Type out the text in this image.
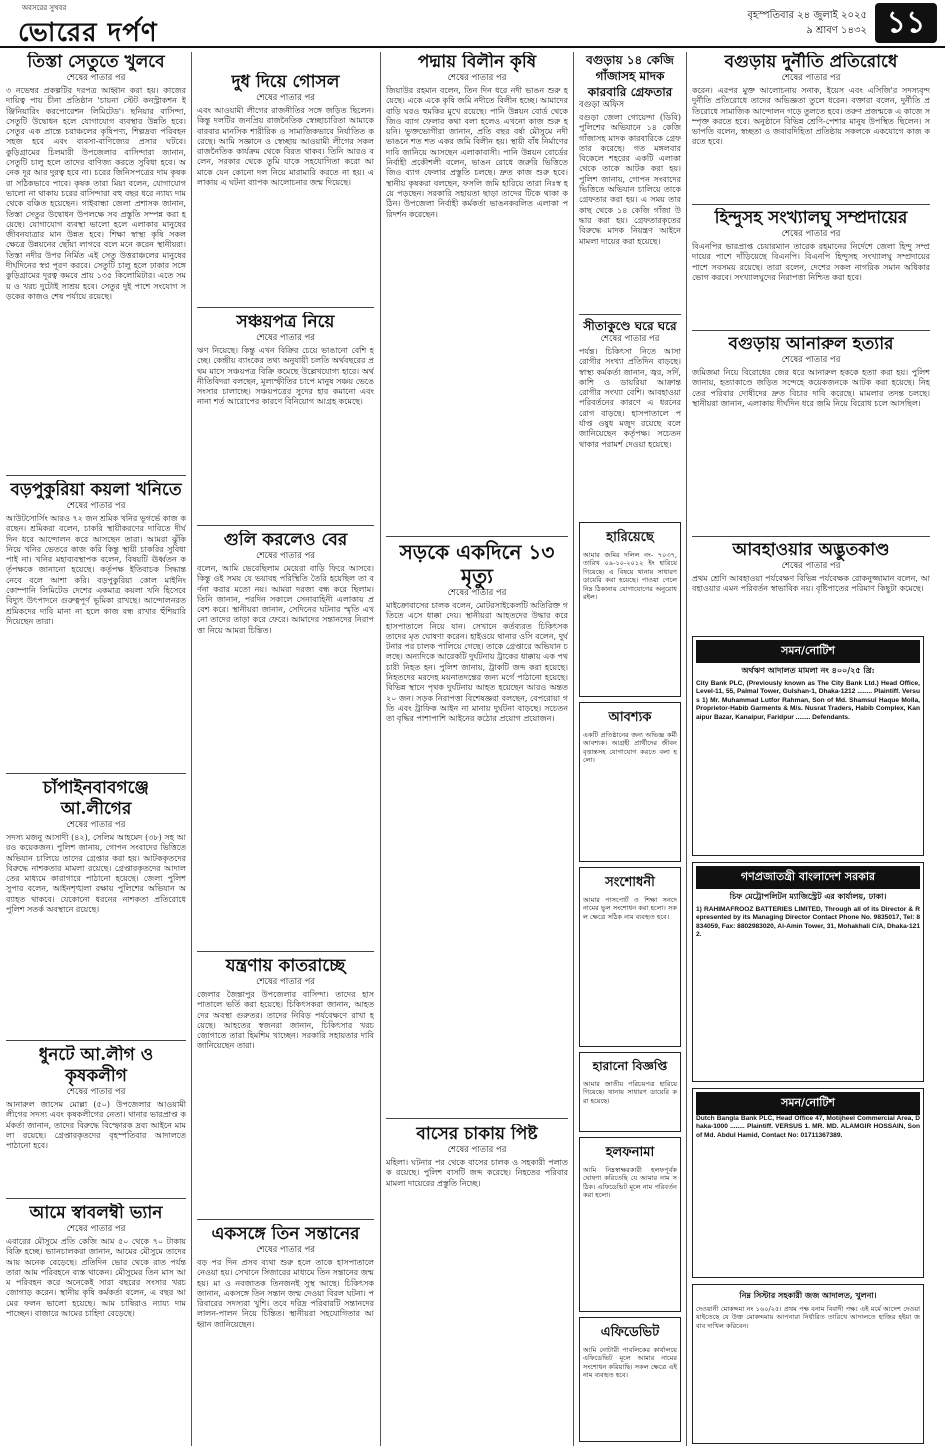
অবসরের সুখবর
ভোরের দর্পণ
বৃহস্পতিবার ২৪ জুলাই ২০২৫
৯ শ্রাবণ ১৪৩২ ১১
তিস্তা সেতুতে খুলবে
শেষের পাতার পর
৩ নভেম্বর প্রকল্পটির দরপত্র আহ্বান করা হয়। কাজের দায়িত্ব পায় চীনা প্রতিষ্ঠান 'চায়না স্টেট কনস্ট্রাকশন ইঞ্জিনিয়ারিং করপোরেশন লিমিটেড'। ছনিয়ার বাসিন্দা, সেতুটি উদ্বোধন হলে যোগাযোগ ব্যবস্থার উন্নতি হবে। সেতুর এক প্রান্তে চরাঞ্চলের কৃষিপণ্য, শিল্পদ্রব্য পরিবহন সহজ হবে এবং ব্যবসা-বাণিজ্যের প্রসার ঘটবে। কুড়িগ্রামের চিলমারী উপজেলার বাসিন্দারা জানান, সেতুটি চালু হলে তাদের বাণিজ্য করতে সুবিধা হবে। অনেক দূর আর দুরত্ব হবে না। চরের জিনিসপত্রের দাম কৃষকরা সঠিকভাবে পাবে। কৃষক তারা মিয়া বলেন, যোগাযোগ ভালো না থাকায় চরের বাসিন্দারা বহু বছর ধরে ন্যায্য দাম থেকে বঞ্চিত হয়েছেন। গাইবান্ধা জেলা প্রশাসক জানান, তিস্তা সেতুর উদ্বোধন উপলক্ষে সব প্রস্তুতি সম্পন্ন করা হয়েছে। যোগাযোগ ব্যবস্থা ভালো হলে এলাকার মানুষের জীবনযাত্রার মান উন্নত হবে। শিক্ষা স্বাস্থ্য কৃষি সকল ক্ষেত্রে উন্নয়নের ছোঁয়া লাগবে বলে মনে করেন স্থানীয়রা। তিস্তা নদীর উপর নির্মিত এই সেতু উত্তরাঞ্চলের মানুষের দীর্ঘদিনের স্বপ্ন পূরণ করবে। সেতুটি চালু হলে ঢাকার সঙ্গে কুড়িগ্রামের দূরত্ব কমবে প্রায় ১৩৫ কিলোমিটার। এতে সময় ও খরচ দুটোই সাশ্রয় হবে। সেতুর দুই পাশে সংযোগ সড়কের কাজও শেষ পর্যায়ে রয়েছে।
বড়পুকুরিয়া কয়লা খনিতে
শেষের পাতার পর
আউটসোর্সিং আরও ৭২ জন শ্রমিক খনির ভূগর্ভে কাজ করছেন। শ্রমিকরা বলেন, চাকরি স্থায়ীকরণের দাবিতে দীর্ঘদিন ধরে আন্দোলন করে আসছেন তারা। আমরা ঝুঁকি নিয়ে খনির ভেতরে কাজ করি কিন্তু স্থায়ী চাকরির সুবিধা পাই না। খনির মহাব্যবস্থাপক বলেন, বিষয়টি ঊর্ধ্বতন কর্তৃপক্ষকে জানানো হয়েছে। কর্তৃপক্ষ ইতিবাচক সিদ্ধান্ত নেবে বলে আশা করি। বড়পুকুরিয়া কোল মাইনিং কোম্পানি লিমিটেড দেশের একমাত্র কয়লা খনি হিসেবে বিদ্যুৎ উৎপাদনে গুরুত্বপূর্ণ ভূমিকা রাখছে। আন্দোলনরত শ্রমিকদের দাবি মানা না হলে কাজ বন্ধ রাখার হুঁশিয়ারি দিয়েছেন তারা।
চাঁপাইনবাবগঞ্জে আ.লীগের
শেষের পাতার পর
সদস্য মজনু আসাদী (৪২), সেলিম আহমেদ (৩৮) সহ আরও কয়েকজন। পুলিশ জানায়, গোপন সংবাদের ভিত্তিতে অভিযান চালিয়ে তাদের গ্রেপ্তার করা হয়। আটককৃতদের বিরুদ্ধে নাশকতার মামলা রয়েছে। গ্রেপ্তারকৃতদের আদালতের মাধ্যমে কারাগারে পাঠানো হয়েছে। জেলা পুলিশ সুপার বলেন, আইনশৃঙ্খলা রক্ষায় পুলিশের অভিযান অব্যাহত থাকবে। যেকোনো ধরনের নাশকতা প্রতিরোধে পুলিশ সতর্ক অবস্থানে রয়েছে।
ধুনটে আ.লীগ ও কৃষকলীগ
শেষের পাতার পর
আনারুল জাসেম মোল্লা (৫০) উপজেলার আওয়ামী লীগের সদস্য এবং কৃষকলীগের নেতা। থানার ভারপ্রাপ্ত কর্মকর্তা জানান, তাদের বিরুদ্ধে বিস্ফোরক দ্রব্য আইনে মামলা রয়েছে। গ্রেপ্তারকৃতদের বৃহস্পতিবার আদালতে পাঠানো হবে।
আমে স্বাবলম্বী ভ্যান
শেষের পাতার পর
এবারের মৌসুমে প্রতি কেজি আম ৫০ থেকে ৭০ টাকায় বিক্রি হচ্ছে। ভ্যানচালকরা জানান, আমের মৌসুমে তাদের আয় অনেক বেড়েছে। প্রতিদিন ভোর থেকে রাত পর্যন্ত তারা আম পরিবহনে ব্যস্ত থাকেন। মৌসুমের তিন মাস আম পরিবহন করে অনেকেই সারা বছরের সংসার খরচ জোগাড় করেন। স্থানীয় কৃষি কর্মকর্তা বলেন, এ বছর আমের ফলন ভালো হয়েছে। আম চাষিরাও ন্যায্য দাম পাচ্ছেন। বাজারে আমের চাহিদা বেড়েছে।
দুধ দিয়ে গোসল
শেষের পাতার পর
এবং আওয়ামী লীগের রাজনীতির সঙ্গে জড়িত ছিলেন। কিন্তু দলটির জনপ্রিয় রাজনৈতিক স্বেচ্ছাচারিতা আমাকে বারবার মানসিক শারীরিক ও সামাজিকভাবে নির্যাতিত করেছে। আমি সজ্ঞানে ও স্বেচ্ছায় আওয়ামী লীগের সকল রাজনৈতিক কার্যক্রম থেকে বিরত থাকব। তিনি আরও বলেন, সরকার থেকে তুমি যাকে সহযোগিতা করো আমাকে যেন কোনো দল নিয়ে মারামারি করতে না হয়। এলাকায় এ ঘটনা ব্যাপক আলোচনার জন্ম দিয়েছে।
সঞ্চয়পত্র নিয়ে
শেষের পাতার পর
ঋণ নিয়েছে। কিন্তু এখন বিক্রির চেয়ে ভাঙানো বেশি হচ্ছে। কেন্দ্রীয় ব্যাংকের তথ্য অনুযায়ী চলতি অর্থবছরের প্রথম মাসে সঞ্চয়পত্র বিক্রি কমেছে উল্লেখযোগ্য হারে। অর্থনীতিবিদরা বলছেন, মূল্যস্ফীতির চাপে মানুষ সঞ্চয় ভেঙে সংসার চালাচ্ছে। সঞ্চয়পত্রের সুদের হার কমানো এবং নানা শর্ত আরোপের কারণে বিনিয়োগ আগ্রহ কমেছে।
গুলি করলেও বের
শেষের পাতার পর
বলেন, আমি ভেবেছিলাম মেয়েরা বাড়ি ফিরে আসবে। কিন্তু ওই সময় যে ভয়াবহ পরিস্থিতি তৈরি হয়েছিল তা বর্ণনা করার মতো নয়। আমরা দরজা বন্ধ করে ছিলাম। তিনি জানান, পরদিন সকালে সেনাবাহিনী এলাকায় প্রবেশ করে। স্থানীয়রা জানান, সেদিনের ঘটনার স্মৃতি এখনো তাদের তাড়া করে ফেরে। আমাদের সন্তানদের নিরাপত্তা নিয়ে আমরা চিন্তিত।
যন্ত্রণায় কাতরাচ্ছে
শেষের পাতার পর
জেলার জৈন্তাপুর উপজেলার বাসিন্দা। তাদের হাসপাতালে ভর্তি করা হয়েছে। চিকিৎসকরা জানান, আহতদের অবস্থা গুরুতর। তাদের নিবিড় পর্যবেক্ষণে রাখা হয়েছে। আহতের স্বজনরা জানান, চিকিৎসার খরচ জোগাতে তারা হিমশিম খাচ্ছেন। সরকারি সহায়তার দাবি জানিয়েছেন তারা।
একসঙ্গে তিন সন্তানের
শেষের পাতার পর
বড় পর দিন প্রসব ব্যথা শুরু হলে তাকে হাসপাতালে নেওয়া হয়। সেখানে সিজারের মাধ্যমে তিন সন্তানের জন্ম হয়। মা ও নবজাতক তিনজনই সুস্থ আছে। চিকিৎসক জানান, একসঙ্গে তিন সন্তান জন্ম দেওয়া বিরল ঘটনা। পরিবারের সদস্যরা খুশি। তবে দরিদ্র পরিবারটি সন্তানদের লালন-পালন নিয়ে চিন্তিত। স্থানীয়রা সহযোগিতার আহ্বান জানিয়েছেন।
পদ্মায় বিলীন কৃষি
শেষের পাতার পর
জিয়াউর রহমান বলেন, তিন দিন ধরে নদী ভাঙন শুরু হয়েছে। একে একে কৃষি জমি নদীতে বিলীন হচ্ছে। আমাদের বাড়ি ঘরও হুমকির মুখে রয়েছে। পানি উন্নয়ন বোর্ড থেকে জিও ব্যাগ ফেলার কথা বলা হলেও এখনো কাজ শুরু হয়নি। ভুক্তভোগীরা জানান, প্রতি বছর বর্ষা মৌসুমে নদী ভাঙনে শত শত একর জমি বিলীন হয়। স্থায়ী বাঁধ নির্মাণের দাবি জানিয়ে আসছেন এলাকাবাসী। পানি উন্নয়ন বোর্ডের নির্বাহী প্রকৌশলী বলেন, ভাঙন রোধে জরুরি ভিত্তিতে জিও ব্যাগ ফেলার প্রস্তুতি চলছে। দ্রুত কাজ শুরু হবে। স্থানীয় কৃষকরা বলছেন, ফসলি জমি হারিয়ে তারা নিঃস্ব হয়ে পড়ছেন। সরকারি সহায়তা ছাড়া তাদের টিকে থাকা কঠিন। উপজেলা নির্বাহী কর্মকর্তা ভাঙনকবলিত এলাকা পরিদর্শন করেছেন।
সড়কে একদিনে ১৩ মৃত্যু
শেষের পাতার পর
মাইক্রোবাসের চালক বলেন, মোটরসাইকেলটি অতিরিক্ত গতিতে এসে ধাক্কা দেয়। স্থানীয়রা আহতদের উদ্ধার করে হাসপাতালে নিয়ে যান। সেখানে কর্তব্যরত চিকিৎসক তাদের মৃত ঘোষণা করেন। হাইওয়ে থানার ওসি বলেন, দুর্ঘটনার পর চালক পালিয়ে গেছে। তাকে গ্রেপ্তারে অভিযান চলছে। অন্যদিকে আরেকটি দুর্ঘটনায় ট্রাকের ধাক্কায় এক পথচারী নিহত হন। পুলিশ জানায়, ট্রাকটি জব্দ করা হয়েছে। নিহতদের মরদেহ ময়নাতদন্তের জন্য মর্গে পাঠানো হয়েছে। বিভিন্ন স্থানে পৃথক দুর্ঘটনায় আহত হয়েছেন আরও অন্তত ২০ জন। সড়ক নিরাপত্তা বিশেষজ্ঞরা বলছেন, বেপরোয়া গতি এবং ট্রাফিক আইন না মানায় দুর্ঘটনা বাড়ছে। সচেতনতা বৃদ্ধির পাশাপাশি আইনের কঠোর প্রয়োগ প্রয়োজন।
বাসের চাকায় পিষ্ট
শেষের পাতার পর
মহিলা। ঘটনার পর থেকে বাসের চালক ও সহকারী পলাতক রয়েছে। পুলিশ বাসটি জব্দ করেছে। নিহতের পরিবার মামলা দায়েরের প্রস্তুতি নিচ্ছে।
বগুড়ায় ১৪ কেজি গাঁজাসহ মাদক কারবারি গ্রেফতার
বগুড়া অফিস
বগুড়া জেলা গোয়েন্দা (ডিবি) পুলিশের অভিযানে ১৪ কেজি গাঁজাসহ মাদক কারবারিকে গ্রেফতার করেছে। গত মঙ্গলবার বিকেলে শহরের একটি এলাকা থেকে তাকে আটক করা হয়। পুলিশ জানায়, গোপন সংবাদের ভিত্তিতে অভিযান চালিয়ে তাকে গ্রেফতার করা হয়। এ সময় তার কাছ থেকে ১৪ কেজি গাঁজা উদ্ধার করা হয়। গ্রেফতারকৃতের বিরুদ্ধে মাদক নিয়ন্ত্রণ আইনে মামলা দায়ের করা হয়েছে।
সীতাকুণ্ডে ঘরে ঘরে
শেষের পাতার পর
পর্যন্ত। চিকিৎসা নিতে আসা রোগীর সংখ্যা প্রতিদিন বাড়ছে। স্বাস্থ্য কর্মকর্তা জানান, জ্বর, সর্দি, কাশি ও ডায়রিয়া আক্রান্ত রোগীর সংখ্যা বেশি। আবহাওয়া পরিবর্তনের কারণে এ ধরনের রোগ বাড়ছে। হাসপাতালে পর্যাপ্ত ওষুধ মজুদ রয়েছে বলে জানিয়েছেন কর্তৃপক্ষ। সচেতন থাকার পরামর্শ দেওয়া হয়েছে।
হারিয়েছে
আমার জমির দলিল নং- ৭০৩৭, তারিখ ০৯-১০-২০১২ ইং হারিয়ে গিয়েছে। এ বিষয়ে থানায় সাধারণ ডায়েরি করা হয়েছে। পাওয়া গেলে নিম্ন ঠিকানায় যোগাযোগের অনুরোধ রইল।
আবশ্যক
একটি প্রতিষ্ঠানের জন্য অভিজ্ঞ কর্মী আবশ্যক। আগ্রহী প্রার্থীদের জীবনবৃত্তান্তসহ যোগাযোগ করতে বলা হলো।
সংশোধনী
আমার পাসপোর্ট ও শিক্ষা সনদে নামের ভুল সংশোধন করা হলো। সকল ক্ষেত্রে সঠিক নাম ব্যবহৃত হবে।
হারানো বিজ্ঞপ্তি
আমার জাতীয় পরিচয়পত্র হারিয়ে গিয়েছে। থানায় সাধারণ ডায়েরি করা হয়েছে।
হলফনামা
আমি নিম্নস্বাক্ষরকারী হলফপূর্বক ঘোষণা করিতেছি যে আমার নাম সঠিক। এফিডেভিট মূলে নাম পরিবর্তন করা হলো।
এফিডেভিট
আমি নোটারী পাবলিকের কার্যালয়ে এফিডেভিট মূলে আমার নামের সংশোধন করিয়াছি। সকল ক্ষেত্রে এই নাম ব্যবহৃত হবে।
বগুড়ায় দুর্নীতি প্রতিরোধে
শেষের পাতার পর
করেন। এরপর মুক্ত আলোচনায় সনাক, ইয়েস এবং এসিজি'র সদস্যবৃন্দ দুর্নীতি প্রতিরোধে তাদের অভিজ্ঞতা তুলে ধরেন। বক্তারা বলেন, দুর্নীতি প্রতিরোধে সামাজিক আন্দোলন গড়ে তুলতে হবে। তরুণ প্রজন্মকে এ কাজে সম্পৃক্ত করতে হবে। অনুষ্ঠানে বিভিন্ন শ্রেণি-পেশার মানুষ উপস্থিত ছিলেন। সভাপতি বলেন, স্বচ্ছতা ও জবাবদিহিতা প্রতিষ্ঠায় সকলকে একযোগে কাজ করতে হবে।
হিন্দুসহ সংখ্যালঘু সম্প্রদায়ের
শেষের পাতার পর
বিএনপির ভারপ্রাপ্ত চেয়ারম্যান তারেক রহমানের নির্দেশে জেলা হিন্দু সম্প্রদায়ের পাশে দাঁড়িয়েছে বিএনপি। বিএনপি হিন্দুসহ সংখ্যালঘু সম্প্রদায়ের পাশে সবসময় রয়েছে। তারা বলেন, দেশের সকল নাগরিক সমান অধিকার ভোগ করবে। সংখ্যালঘুদের নিরাপত্তা নিশ্চিত করা হবে।
বগুড়ায় আনারুল হত্যার
শেষের পাতার পর
জমিজমা নিয়ে বিরোধের জের ধরে আনারুল হককে হত্যা করা হয়। পুলিশ জানায়, হত্যাকাণ্ডে জড়িত সন্দেহে কয়েকজনকে আটক করা হয়েছে। নিহতের পরিবার দোষীদের দ্রুত বিচার দাবি করেছে। মামলার তদন্ত চলছে। স্থানীয়রা জানান, এলাকায় দীর্ঘদিন ধরে জমি নিয়ে বিরোধ চলে আসছিল।
আবহাওয়ার অদ্ভুতকাণ্ড
শেষের পাতার পর
প্রথম শ্রেণি আবহাওয়া পর্যবেক্ষণ বিভিন্ন পর্যবেক্ষক রোকনুজ্জামান বলেন, আবহাওয়ার এমন পরিবর্তন স্বাভাবিক নয়। বৃষ্টিপাতের পরিমাণ কিছুটা কমেছে।
সমন/নোটিশ
অর্থঋণ আদালত মামলা নং ৪০০/২৫ খ্রি:
City Bank PLC, (Previously known as The City Bank Ltd.) Head Office, Level-11, 55, Palmal Tower, Gulshan-1, Dhaka-1212 ........ Plaintiff. Versus 1) Mr. Muhammad Lutfor Rahman, Son of Md. Shamsul Haque Molla, Proprietor-Habib Garments & M/s. Nusrat Traders, Habib Complex, Kanaipur Bazar, Kanaipur, Faridpur ........ Defendants.
গণপ্রজাতন্ত্রী বাংলাদেশ সরকার
চিফ মেট্রোপলিটন ম্যাজিস্ট্রেট এর কার্যালয়, ঢাকা।
1) RAHIMAFROOZ BATTERIES LIMITED, Through all of its Director & Represented by its Managing Director Contact Phone No. 9835017, Tel: 8834059, Fax: 8802983020, Al-Amin Tower, 31, Mohakhali C/A, Dhaka-1212.
সমন/নোটিশ
Dutch Bangla Bank PLC, Head Office 47, Motijheel Commercial Area, Dhaka-1000 ........ Plaintiff. VERSUS 1. MR. MD. ALAMGIR HOSSAIN, Son of Md. Abdul Hamid, Contact No: 01711367389.
নিম্ন সিস্টার সহকারী জজ আদালত, খুলনা।
দেওয়ানী মোকদ্দমা নং ১৬০/২৫। প্রথম পক্ষ বনাম বিবাদী পক্ষ। এই মর্মে আদেশ দেওয়া যাইতেছে যে উক্ত মোকদ্দমায় আপনারা নির্ধারিত তারিখে আদালতে হাজির হইয়া জবাব দাখিল করিবেন।
